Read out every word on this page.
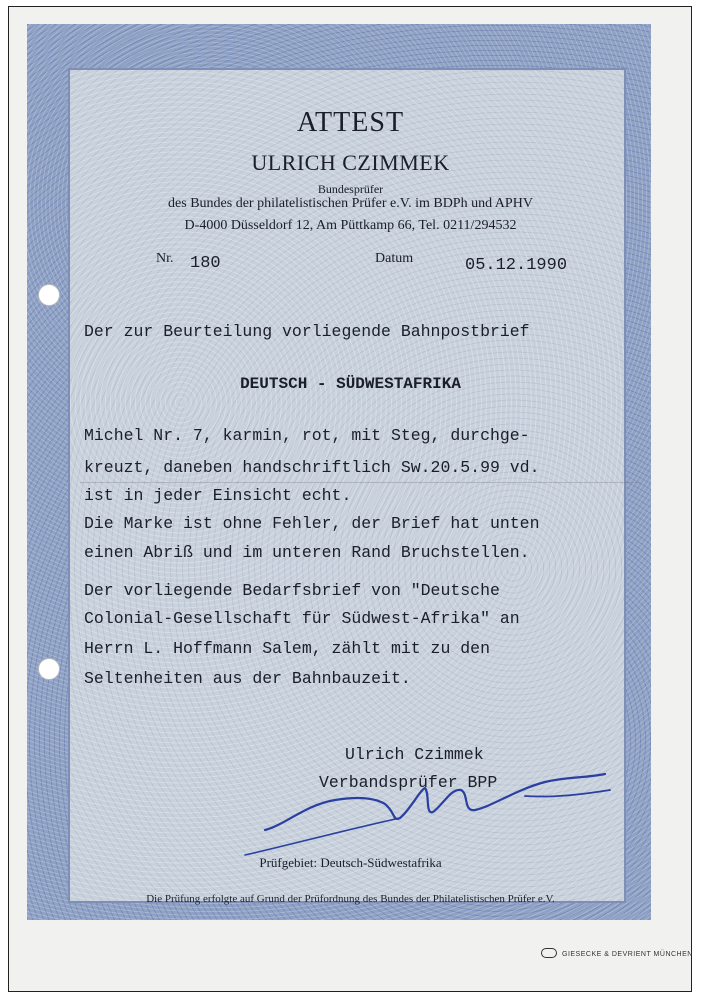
ATTEST
ULRICH CZIMMEK
Bundesprüfer
des Bundes der philatelistischen Prüfer e.V. im BDPh und APHV
D-4000 Düsseldorf 12, Am Püttkamp 66, Tel. 0211/294532
Nr. 180	Datum	05.12.1990
Der zur Beurteilung vorliegende Bahnpostbrief
DEUTSCH - SÜDWESTAFRIKA
Michel Nr. 7, karmin, rot, mit Steg, durchge-
kreuzt, daneben handschriftlich Sw.20.5.99 vd.
ist in jeder Einsicht echt.
Die Marke ist ohne Fehler, der Brief hat unten
einen Abriß und im unteren Rand Bruchstellen.
Der vorliegende Bedarfsbrief von "Deutsche
Colonial-Gesellschaft für Südwest-Afrika" an
Herrn L. Hoffmann Salem, zählt mit zu den
Seltenheiten aus der Bahnbauzeit.
Ulrich Czimmek
Verbandsprüfer BPP
Prüfgebiet: Deutsch-Südwestafrika
Die Prüfung erfolgte auf Grund der Prüfordnung des Bundes der Philatelistischen Prüfer e.V.
GIESECKE & DEVRIENT MÜNCHEN
